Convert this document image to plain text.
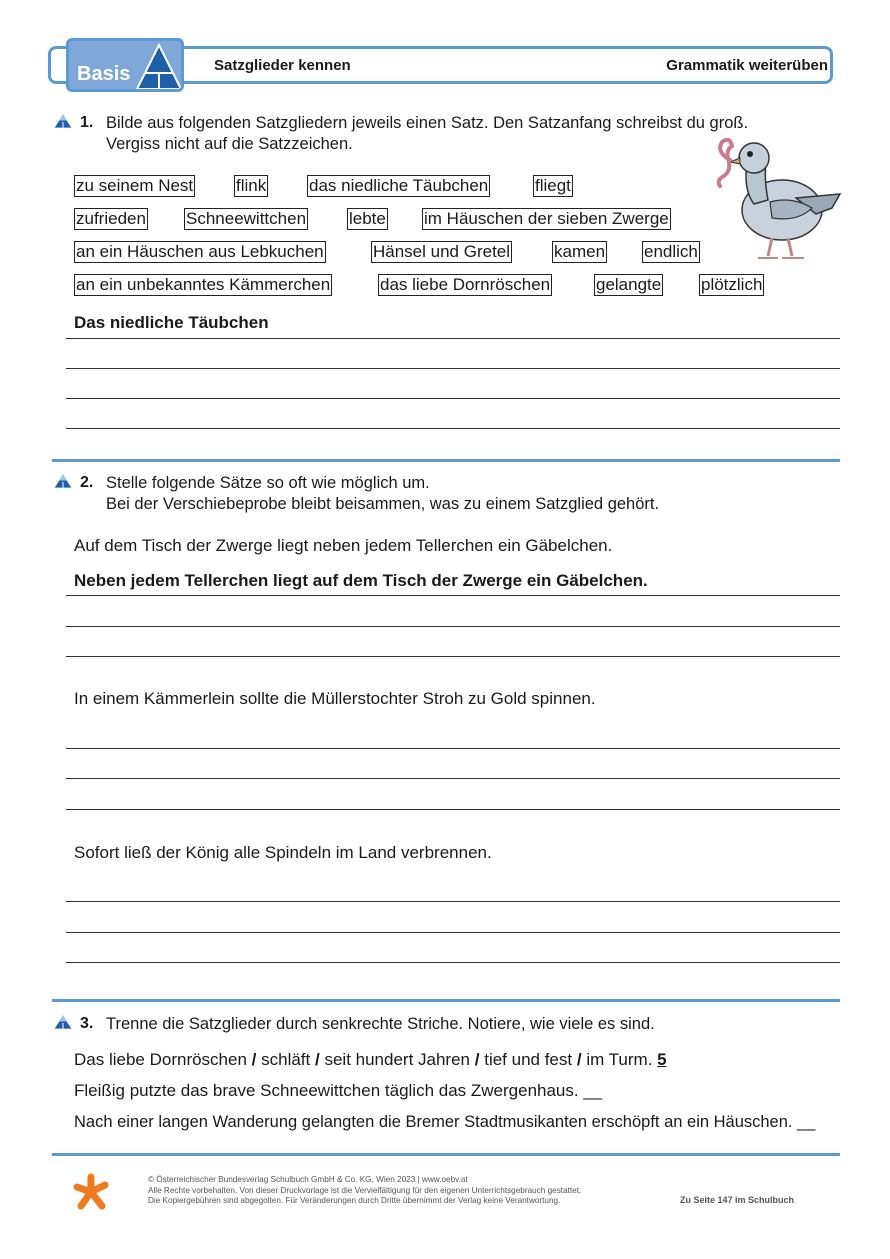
Basis	Satzglieder kennen	Grammatik weiterüben
1. Bilde aus folgenden Satzgliedern jeweils einen Satz. Den Satzanfang schreibst du groß.
Vergiss nicht auf die Satzzeichen.
zu seinem Nest	flink	das niedliche Täubchen	fliegt
zufrieden Schneewittchen	lebte im Häuschen der sieben Zwerge
an ein Häuschen aus Lebkuchen	Hänsel und Gretel	kamen endlich
an ein unbekanntes Kämmerchen	das liebe Dornröschen	gelangte plötzlich
Das niedliche Täubchen
2. Stelle folgende Sätze so oft wie möglich um.
Bei der Verschiebeprobe bleibt beisammen, was zu einem Satzglied gehört.
Auf dem Tisch der Zwerge liegt neben jedem Tellerchen ein Gäbelchen.
Neben jedem Tellerchen liegt auf dem Tisch der Zwerge ein Gäbelchen.
In einem Kämmerlein sollte die Müllerstochter Stroh zu Gold spinnen.
Sofort ließ der König alle Spindeln im Land verbrennen.
3. Trenne die Satzglieder durch senkrechte Striche. Notiere, wie viele es sind.
Das liebe Dornröschen / schläft / seit hundert Jahren / tief und fest / im Turm. 5
Fleißig putzte das brave Schneewittchen täglich das Zwergenhaus. __
Nach einer langen Wanderung gelangten die Bremer Stadtmusikanten erschöpft an ein Häuschen. __
© Österreichischer Bundesverlag Schulbuch GmbH & Co. KG, Wien 2023 | www.oebv.at
Alle Rechte vorbehalten. Von dieser Druckvorlage ist die Vervielfältigung für den eigenen Unterrichtsgebrauch gestattet.
Die Kopiergebühren sind abgegolten. Für Veränderungen durch Dritte übernimmt der Verlag keine Verantwortung.	Zu Seite 147 im Schulbuch
